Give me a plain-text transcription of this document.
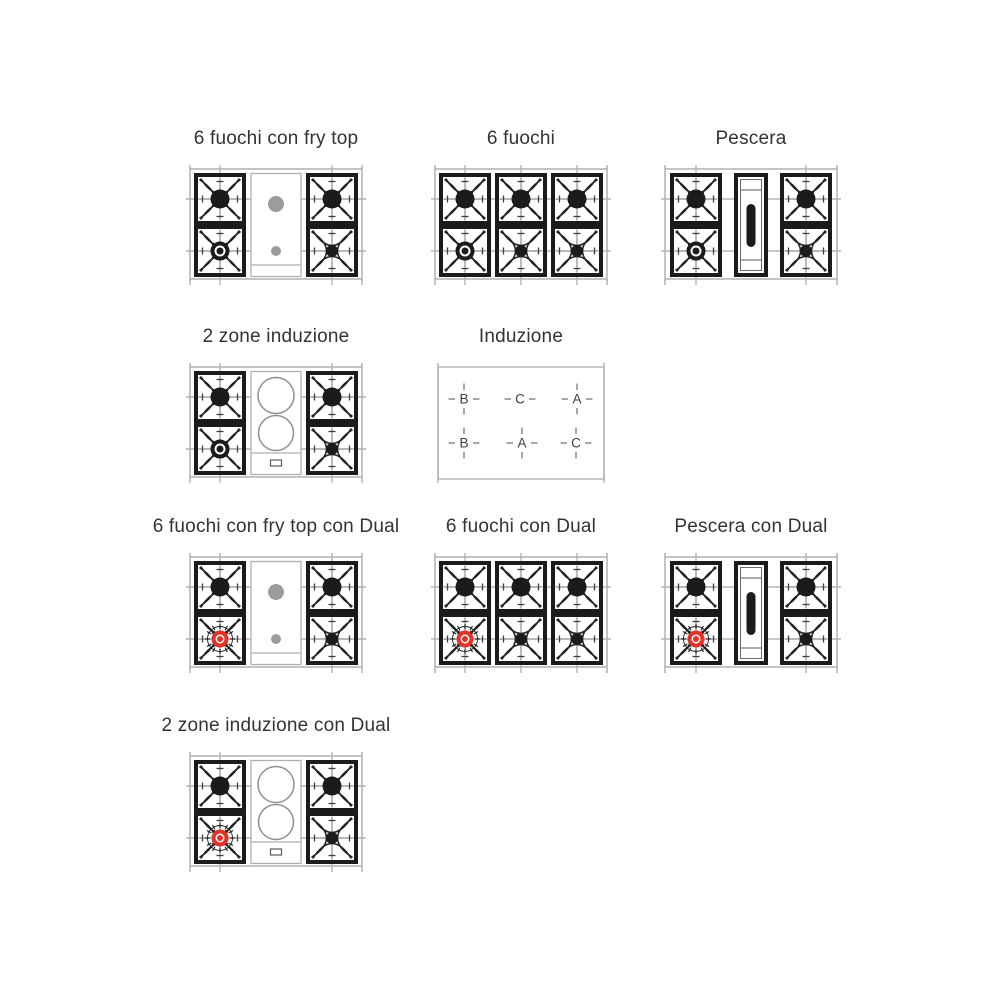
6 fuochi con fry top	6 fuochi	Pescera
2 zone induzione	Induzione
B	C	A
B	A	C
6 fuochi con fry top con Dual	6 fuochi con Dual	Pescera con Dual
2 zone induzione con Dual
